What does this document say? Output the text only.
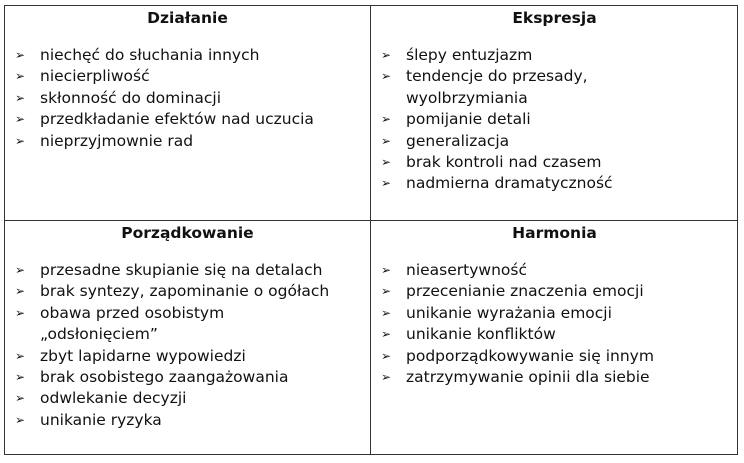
Działanie
➢ niechęć do słuchania innych
➢ niecierpliwość
➢ skłonność do dominacji
➢ przedkładanie efektów nad uczucia
➢ nieprzyjmownie rad
Ekspresja
➢ ślepy entuzjazm
➢ tendencje do przesady,
wyolbrzymiania
➢ pomijanie detali
➢ generalizacja
➢ brak kontroli nad czasem
➢ nadmierna dramatyczność
Porządkowanie
➢ przesadne skupianie się na detalach
➢ brak syntezy, zapominanie o ogółach
➢ obawa przed osobistym
„odsłonięciem”
➢ zbyt lapidarne wypowiedzi
➢ brak osobistego zaangażowania
➢ odwlekanie decyzji
➢ unikanie ryzyka
Harmonia
➢ nieasertywność
➢ przecenianie znaczenia emocji
➢ unikanie wyrażania emocji
➢ unikanie konfliktów
➢ podporządkowywanie się innym
➢ zatrzymywanie opinii dla siebie
